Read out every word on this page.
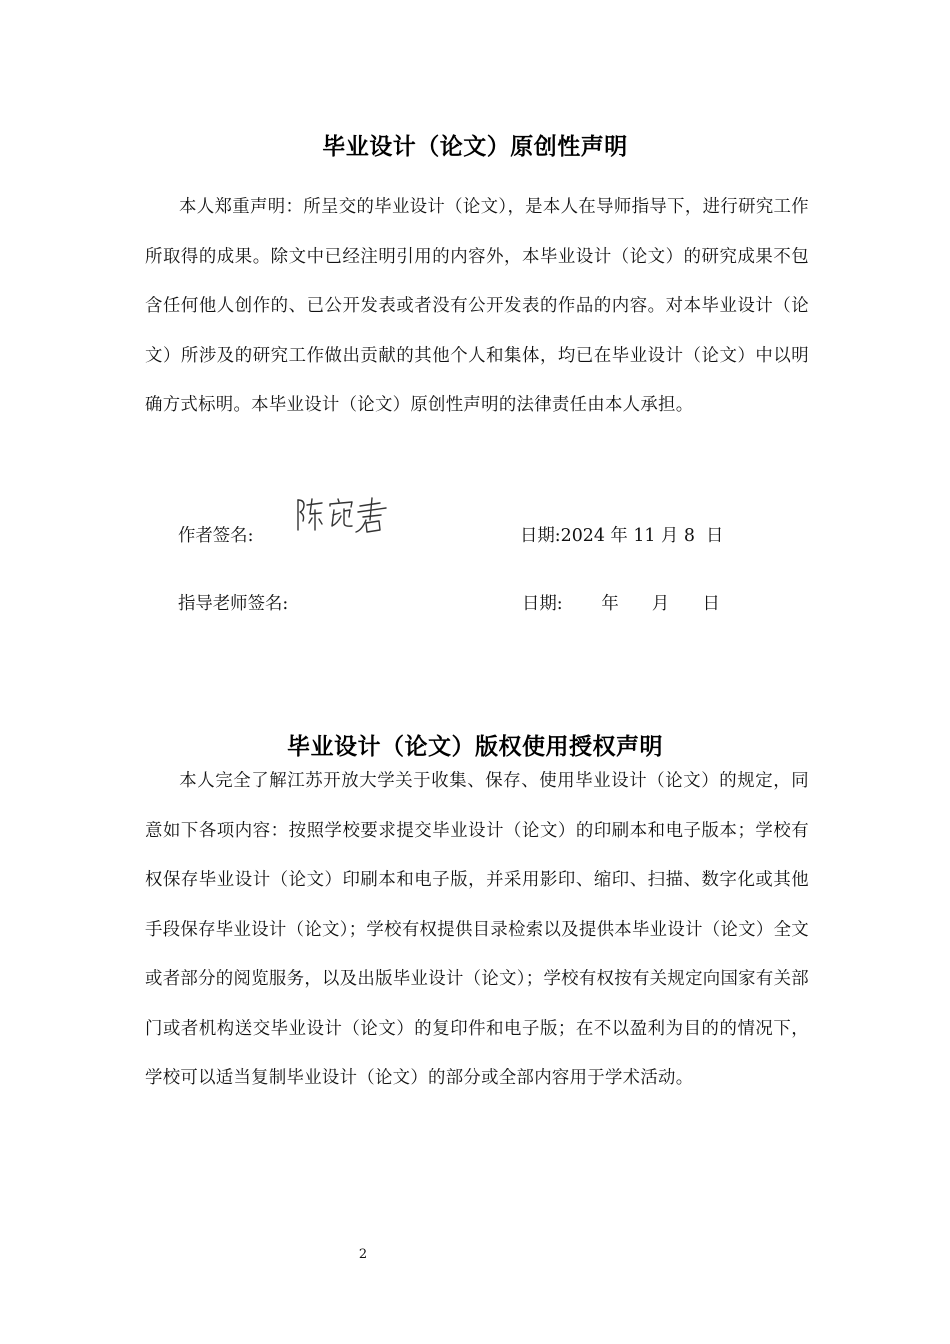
毕业设计（论文）原创性声明
本人郑重声明：所呈交的毕业设计（论文），是本人在导师指导下，进行研究工作所取得的成果。除文中已经注明引用的内容外，本毕业设计（论文）的研究成果不包含任何他人创作的、已公开发表或者没有公开发表的作品的内容。对本毕业设计（论文）所涉及的研究工作做出贡献的其他个人和集体，均已在毕业设计（论文）中以明确方式标明。本毕业设计（论文）原创性声明的法律责任由本人承担。
作者签名:	日期:2024 年 11 月 8  日
指导老师签名:	日期:       年      月      日
毕业设计（论文）版权使用授权声明
本人完全了解江苏开放大学关于收集、保存、使用毕业设计（论文）的规定，同意如下各项内容：按照学校要求提交毕业设计（论文）的印刷本和电子版本；学校有权保存毕业设计（论文）印刷本和电子版，并采用影印、缩印、扫描、数字化或其他手段保存毕业设计（论文）；学校有权提供目录检索以及提供本毕业设计（论文）全文或者部分的阅览服务，以及出版毕业设计（论文）；学校有权按有关规定向国家有关部门或者机构送交毕业设计（论文）的复印件和电子版；在不以盈利为目的的情况下，学校可以适当复制毕业设计（论文）的部分或全部内容用于学术活动。
2
